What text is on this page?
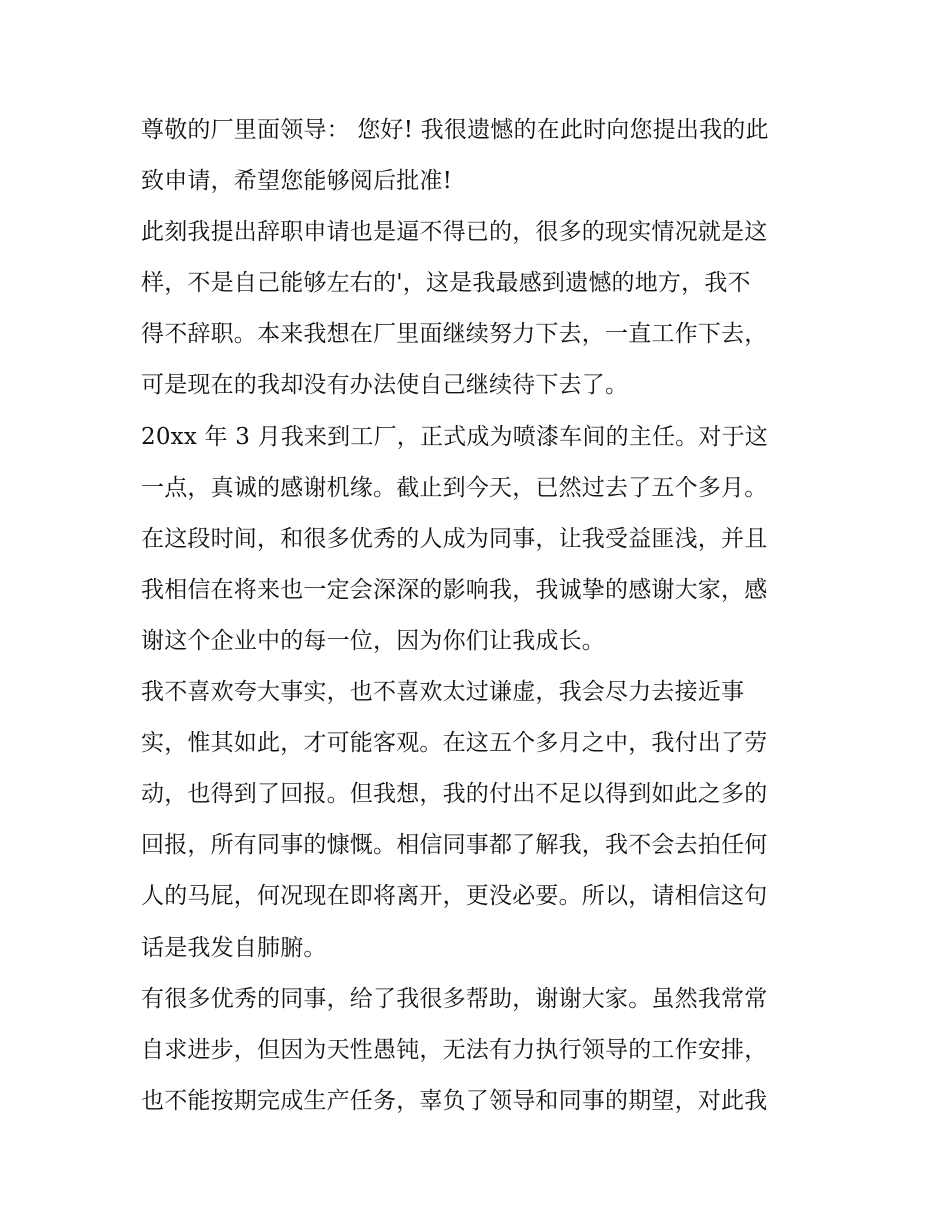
尊敬的厂里面领导： 您好! 我很遗憾的在此时向您提出我的此
致申请，希望您能够阅后批准!
此刻我提出辞职申请也是逼不得已的，很多的现实情况就是这
样，不是自己能够左右的'，这是我最感到遗憾的地方，我不
得不辞职。本来我想在厂里面继续努力下去，一直工作下去，
可是现在的我却没有办法使自己继续待下去了。
20xx 年 3 月我来到工厂，正式成为喷漆车间的主任。对于这
一点，真诚的感谢机缘。截止到今天，已然过去了五个多月。
在这段时间，和很多优秀的人成为同事，让我受益匪浅，并且
我相信在将来也一定会深深的影响我，我诚挚的感谢大家，感
谢这个企业中的每一位，因为你们让我成长。
我不喜欢夸大事实，也不喜欢太过谦虚，我会尽力去接近事
实，惟其如此，才可能客观。在这五个多月之中，我付出了劳
动，也得到了回报。但我想，我的付出不足以得到如此之多的
回报，所有同事的慷慨。相信同事都了解我，我不会去拍任何
人的马屁，何况现在即将离开，更没必要。所以，请相信这句
话是我发自肺腑。
有很多优秀的同事，给了我很多帮助，谢谢大家。虽然我常常
自求进步，但因为天性愚钝，无法有力执行领导的工作安排，
也不能按期完成生产任务，辜负了领导和同事的期望，对此我
